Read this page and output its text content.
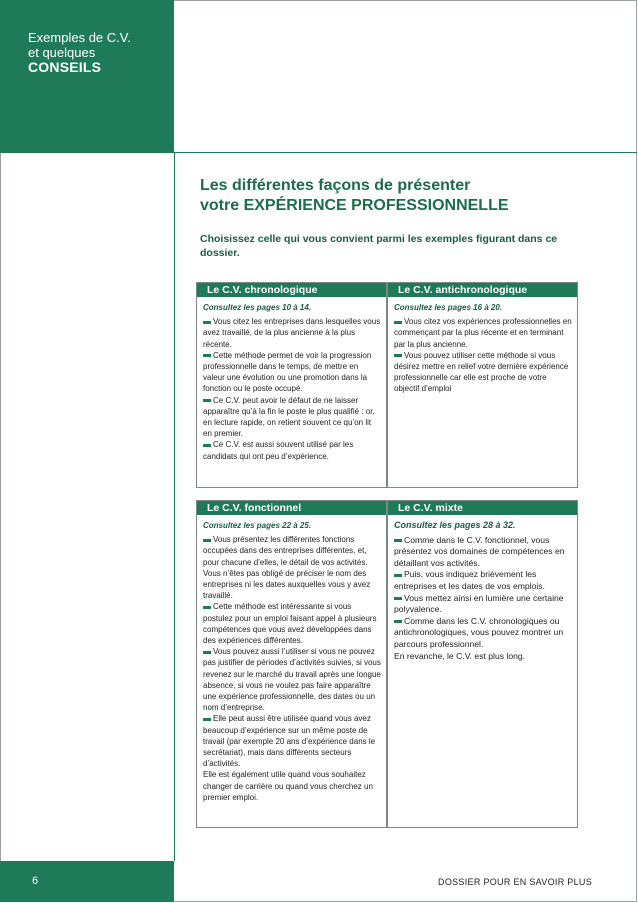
Exemples de C.V.
et quelques
CONSEILS
Les différentes façons de présenter
votre EXPÉRIENCE PROFESSIONNELLE
Choisissez celle qui vous convient parmi les exemples figurant dans ce dossier.
Le C.V. chronologique

Consultez les pages 10 à 14.

Vous citez les entreprises dans lesquelles vous avez travaillé, de la plus ancienne à la plus récente.

Cette méthode permet de voir la progression professionnelle dans le temps, de mettre en valeur une évolution ou une promotion dans la fonction ou le poste occupé.

Ce C.V. peut avoir le défaut de ne laisser apparaître qu’à la fin le poste le plus qualifié : or, en lecture rapide, on retient souvent ce qu’on lit en premier.

Ce C.V. est aussi souvent utilisé par les candidats qui ont peu d’expérience.

Le C.V. antichronologique

Consultez les pages 16 à 20.

Vous citez vos expériences professionnelles en commençant par la plus récente et en terminant par la plus ancienne.

Vous pouvez utiliser cette méthode si vous désirez mettre en relief votre dernière expérience professionnelle car elle est proche de votre objectif d’emploi

Le C.V. fonctionnel

Consultez les pages 22 à 25.

Vous présentez les différentes fonctions occupées dans des entreprises différentes, et, pour chacune d’elles, le détail de vos activités. Vous n’êtes pas obligé de préciser le nom des entreprises ni les dates auxquelles vous y avez travaillé.

Cette méthode est intéressante si vous postulez pour un emploi faisant appel à plusieurs compétences que vous avez développées dans des expériences différentes.

Vous pouvez aussi l’utiliser si vous ne pouvez pas justifier de périodes d’activités suivies, si vous revenez sur le marché du travail après une longue absence, si vous ne voulez pas faire apparaître une expérience professionnelle, des dates ou un nom d’entreprise.

Elle peut aussi être utilisée quand vous avez beaucoup d’expérience sur un même poste de travail (par exemple 20 ans d’expérience dans le secrétariat), mais dans différents secteurs d’activités.

Elle est également utile quand vous souhaitez changer de carrière ou quand vous cherchez un premier emploi.

Le C.V. mixte

Consultez les pages 28 à 32.

Comme dans le C.V. fonctionnel, vous présentez vos domaines de compétences en détaillant vos activités.

Puis, vous indiquez brièvement les entreprises et les dates de vos emplois.

Vous mettez ainsi en lumière une certaine polyvalence.

Comme dans les C.V. chronologiques ou antichronologiques, vous pouvez montrer un parcours professionnel.

En revanche, le C.V. est plus long.

6	DOSSIER POUR EN SAVOIR PLUS
